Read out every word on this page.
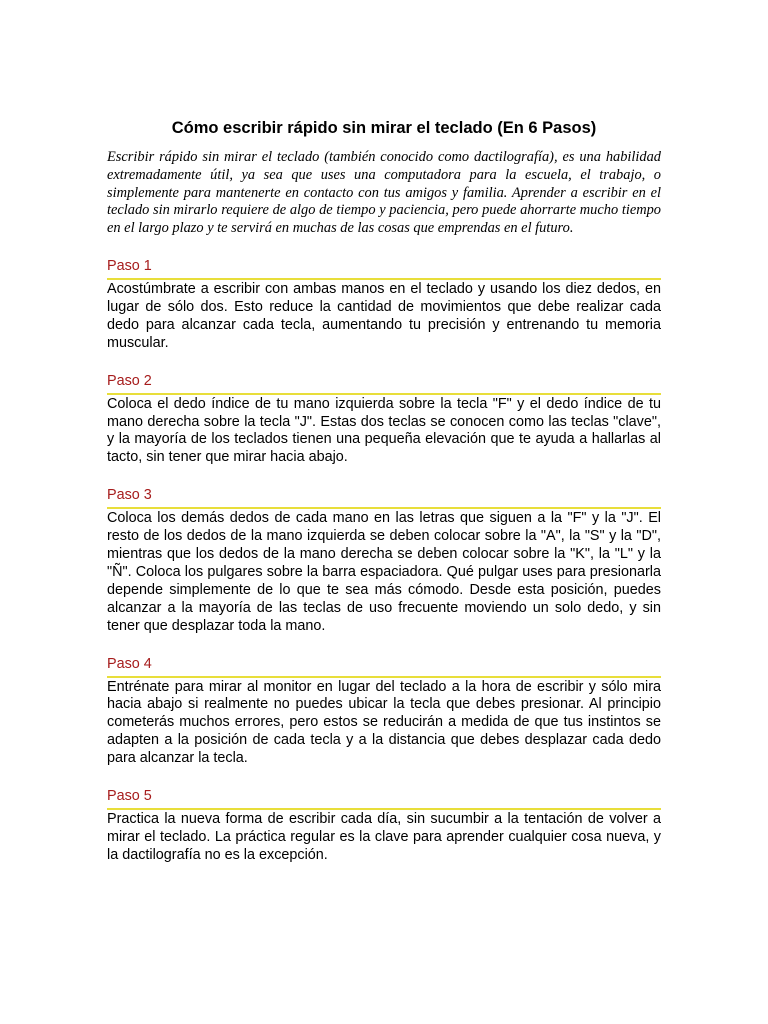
Cómo escribir rápido sin mirar el teclado (En 6 Pasos)

Escribir rápido sin mirar el teclado (también conocido como dactilografía), es una habilidad extremadamente útil, ya sea que uses una computadora para la escuela, el trabajo, o simplemente para mantenerte en contacto con tus amigos y familia. Aprender a escribir en el teclado sin mirarlo requiere de algo de tiempo y paciencia, pero puede ahorrarte mucho tiempo en el largo plazo y te servirá en muchas de las cosas que emprendas en el futuro.

Paso 1

Acostúmbrate a escribir con ambas manos en el teclado y usando los diez dedos, en lugar de sólo dos. Esto reduce la cantidad de movimientos que debe realizar cada dedo para alcanzar cada tecla, aumentando tu precisión y entrenando tu memoria muscular.

Paso 2

Coloca el dedo índice de tu mano izquierda sobre la tecla "F" y el dedo índice de tu mano derecha sobre la tecla "J". Estas dos teclas se conocen como las teclas "clave", y la mayoría de los teclados tienen una pequeña elevación que te ayuda a hallarlas al tacto, sin tener que mirar hacia abajo.

Paso 3

Coloca los demás dedos de cada mano en las letras que siguen a la "F" y la "J". El resto de los dedos de la mano izquierda se deben colocar sobre la "A", la "S" y la "D", mientras que los dedos de la mano derecha se deben colocar sobre la "K", la "L" y la "Ñ". Coloca los pulgares sobre la barra espaciadora. Qué pulgar uses para presionarla depende simplemente de lo que te sea más cómodo. Desde esta posición, puedes alcanzar a la mayoría de las teclas de uso frecuente moviendo un solo dedo, y sin tener que desplazar toda la mano.

Paso 4

Entrénate para mirar al monitor en lugar del teclado a la hora de escribir y sólo mira hacia abajo si realmente no puedes ubicar la tecla que debes presionar. Al principio cometerás muchos errores, pero estos se reducirán a medida de que tus instintos se adapten a la posición de cada tecla y a la distancia que debes desplazar cada dedo para alcanzar la tecla.

Paso 5

Practica la nueva forma de escribir cada día, sin sucumbir a la tentación de volver a mirar el teclado. La práctica regular es la clave para aprender cualquier cosa nueva, y la dactilografía no es la excepción.
